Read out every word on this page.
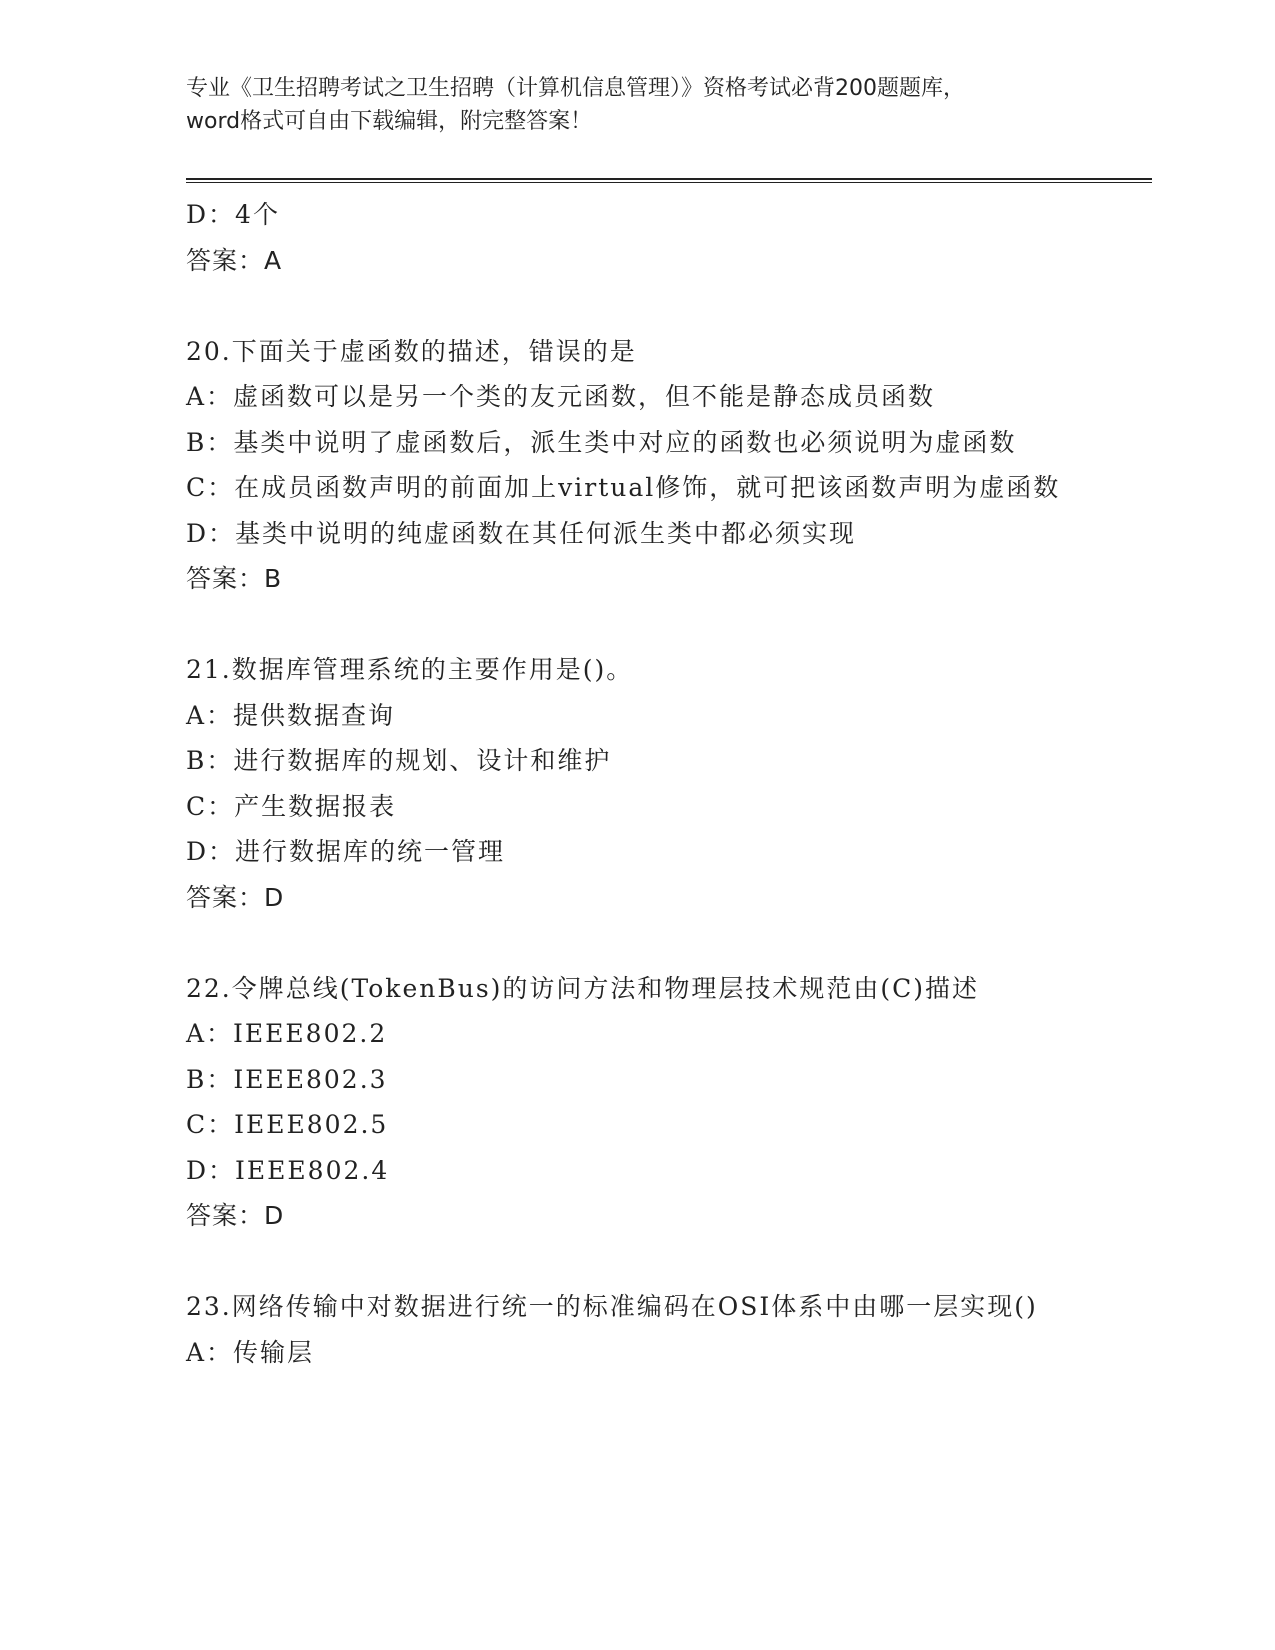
专业《卫生招聘考试之卫生招聘（计算机信息管理）》资格考试必背200题题库，
word格式可自由下载编辑，附完整答案！
D：4个
答案：A
20.下面关于虚函数的描述，错误的是
A：虚函数可以是另一个类的友元函数，但不能是静态成员函数
B：基类中说明了虚函数后，派生类中对应的函数也必须说明为虚函数
C：在成员函数声明的前面加上virtual修饰，就可把该函数声明为虚函数
D：基类中说明的纯虚函数在其任何派生类中都必须实现
答案：B
21.数据库管理系统的主要作用是()。
A：提供数据查询
B：进行数据库的规划、设计和维护
C：产生数据报表
D：进行数据库的统一管理
答案：D
22.令牌总线(TokenBus)的访问方法和物理层技术规范由(C)描述
A：IEEE802.2
B：IEEE802.3
C：IEEE802.5
D：IEEE802.4
答案：D
23.网络传输中对数据进行统一的标准编码在OSI体系中由哪一层实现()
A：传输层
